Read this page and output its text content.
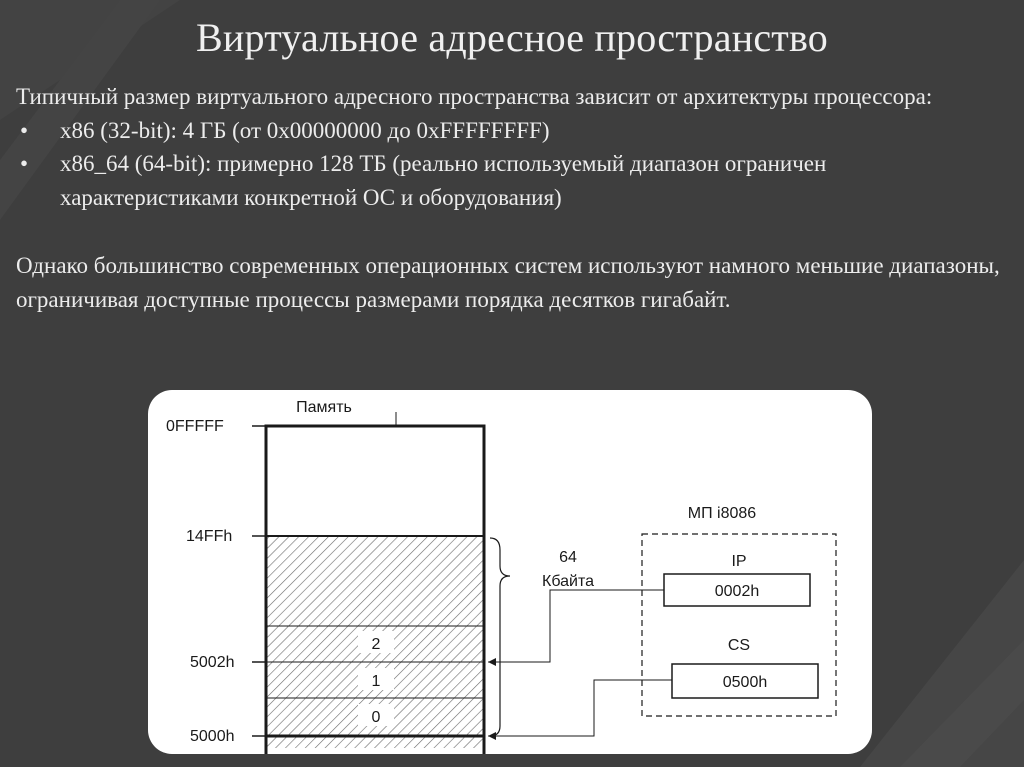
Виртуальное адресное пространство

Типичный размер виртуального адресного пространства зависит от архитектуры процессора:

• x86 (32-bit): 4 ГБ (от 0x00000000 до 0xFFFFFFFF)

• x86_64 (64-bit): примерно 128 ТБ (реально используемый диапазон ограничен характеристиками конкретной ОС и оборудования)

Однако большинство современных операционных систем используют намного меньшие диапазоны, ограничивая доступные процессы размерами порядка десятков гигабайт.

Память
2
1
0
0FFFFF
14FFh
5002h
5000h
64
Кбайта
МП i8086
IP
0002h
CS
0500h
